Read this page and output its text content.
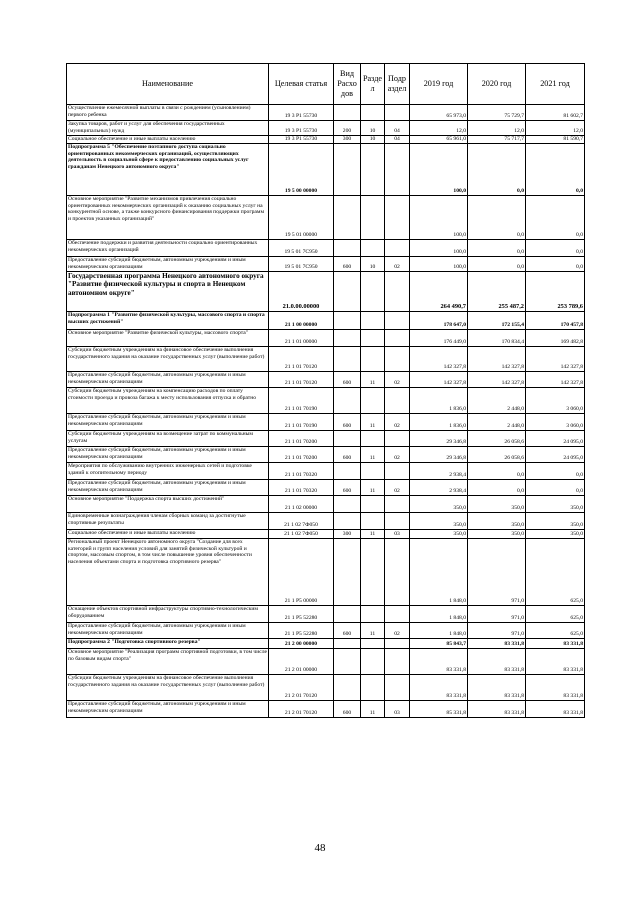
Наименование	Целевая статья	Вид Расхо дов	Разде л	Подр аздел	2019 год	2020 год	2021 год
Осуществление ежемесячной выплаты в связи с рождением (усыновлением) первого ребенка	19 3 P1 55730				65 973,0	75 729,7	81 602,7
Закупка товаров, работ и услуг для обеспечения государственных (муниципальных) нужд	19 3 P1 55730	200	10	04	12,0	12,0	12,0
Социальное обеспечение и иные выплаты населению	19 3 P1 55730	300	10	04	65 961,0	75 717,7	81 590,7
Подпрограмма 5 "Обеспечение поэтапного доступа социально ориентированных некоммерческих организаций, осуществляющих деятельность в социальной сфере к предоставлению социальных услуг гражданам Ненецкого автономного округа"	19 5 00 00000				100,0	0,0	0,0
Основное мероприятие "Развитие механизмов привлечения социально ориентированных некоммерческих организаций к оказанию социальных услуг на конкурентной основе, а также конкурсного финансирования поддержки программ и проектов указанных организаций"	19 5 01 00000				100,0	0,0	0,0
Обеспечение поддержки и развития деятельности социально ориентированных некоммерческих организаций	19 5 01 7С950				100,0	0,0	0,0
Предоставление субсидий бюджетным, автономным учреждениям и иным некоммерческим организациям	19 5 01 7С950	600	10	02	100,0	0,0	0,0
Государственная программа Ненецкого автономного округа "Развитие физической культуры и спорта в Ненецком автономном округе"	21.0.00.00000				264 490,7	255 487,2	253 789,6
Подпрограмма 1 "Развитие физической культуры, массового спорта и спорта высших достижений"	21 1 00 00000				178 647,0	172 155,4	170 457,8
Основное мероприятие "Развитие физической культуры, массового спорта"	21 1 01 00000				176 449,0	170 834,4	169 482,8
Субсидии бюджетным учреждениям на финансовое обеспечение выполнения государственного задания на оказание государственных услуг (выполнение работ)	21 1 01 70120				142 327,8	142 327,8	142 327,8
Предоставление субсидий бюджетным, автономным учреждениям и иным некоммерческим организациям	21 1 01 70120	600	11	02	142 327,8	142 327,8	142 327,8
Субсидии бюджетным учреждениям на компенсацию расходов по оплату стоимости проезда и провоза багажа к месту использования отпуска и обратно	21 1 01 70190				1 836,0	2 448,0	3 060,0
Предоставление субсидий бюджетным, автономным учреждениям и иным некоммерческим организациям	21 1 01 70190	600	11	02	1 836,0	2 448,0	3 060,0
Субсидии бюджетным учреждениям на возмещение затрат по коммунальным услугам	21 1 01 70200				29 346,8	26 058,6	24 095,0
Предоставление субсидий бюджетным, автономным учреждениям и иным некоммерческим организациям	21 1 01 70200	600	11	02	29 346,8	26 058,6	24 095,0
Мероприятия по обслуживанию внутренних инженерных сетей и подготовке зданий к отопительному периоду	21 1 01 70320				2 938,4	0,0	0,0
Предоставление субсидий бюджетным, автономным учреждениям и иным некоммерческим организациям	21 1 01 70320	600	11	02	2 938,4	0,0	0,0
Основное мероприятие "Поддержка спорта высших достижений"	21 1 02 00000				350,0	350,0	350,0
Единовременные вознаграждения членам сборных команд за достигнутые спортивные результаты	21 1 02 7Ф050				350,0	350,0	350,0
Социальное обеспечение и иные выплаты населению	21 1 02 7Ф050	300	11	03	350,0	350,0	350,0
Региональный проект Ненецкого автономного округа "Создание для всех категорий и групп населения условий для занятий физической культурой и спортом, массовым спортом, в том числе повышение уровня обеспеченности населения объектами спорта и подготовка спортивного резерва"	21 1 P5 00000				1 848,0	971,0	625,0
Оснащение объектов спортивной инфраструктуры спортивно-технологическим оборудованием	21 1 P5 52280				1 848,0	971,0	625,0
Предоставление субсидий бюджетным, автономным учреждениям и иным некоммерческим организациям	21 1 P5 52280	600	11	02	1 848,0	971,0	625,0
Подпрограмма 2 "Подготовка спортивного резерва"	21 2 00 00000				85 843,7	83 331,8	83 331,8
Основное мероприятие "Реализация программ спортивной подготовки, в том числе по базовым видам спорта"	21 2 01 00000				83 331,8	83 331,8	83 331,8
Субсидии бюджетным учреждениям на финансовое обеспечение выполнения государственного задания на оказание государственных услуг (выполнение работ)	21 2 01 70120				83 331,8	83 331,8	83 331,8
Предоставление субсидий бюджетным, автономным учреждениям и иным некоммерческим организациям	21 2 01 70120	600	11	03	85 331,8	83 331,8	83 331,8
48
